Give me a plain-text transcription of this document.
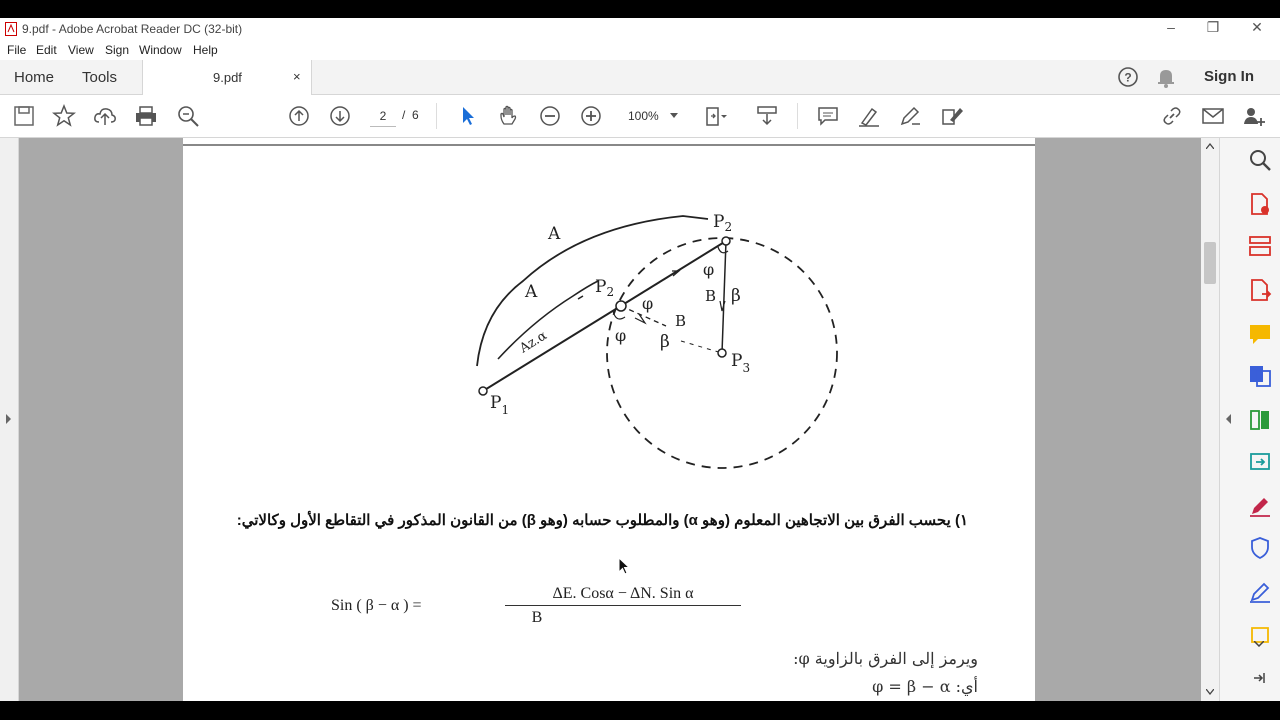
9.pdf - Adobe Acrobat Reader DC (32-bit)	–	❐	✕
File Edit View Sign Window Help
Home Tools	9.pdf	×	?	Sign In
2	/ 6	100%
A
A
Az.α
$P_1$
$P_2$
$P_2$
$P_3$
B
B
β
β
φ
φ
φ
١) يحسب الفرق بين الاتجاهين المعلوم (وهو α) والمطلوب حسابه (وهو β) من القانون المذكور في التقاطع الأول وكالاتي:
Sin ( β − α ) =
ΔE. Cosα − ΔN. Sin α
B
ويرمز إلى الفرق بالزاوية φ:
أي: φ = β − α
